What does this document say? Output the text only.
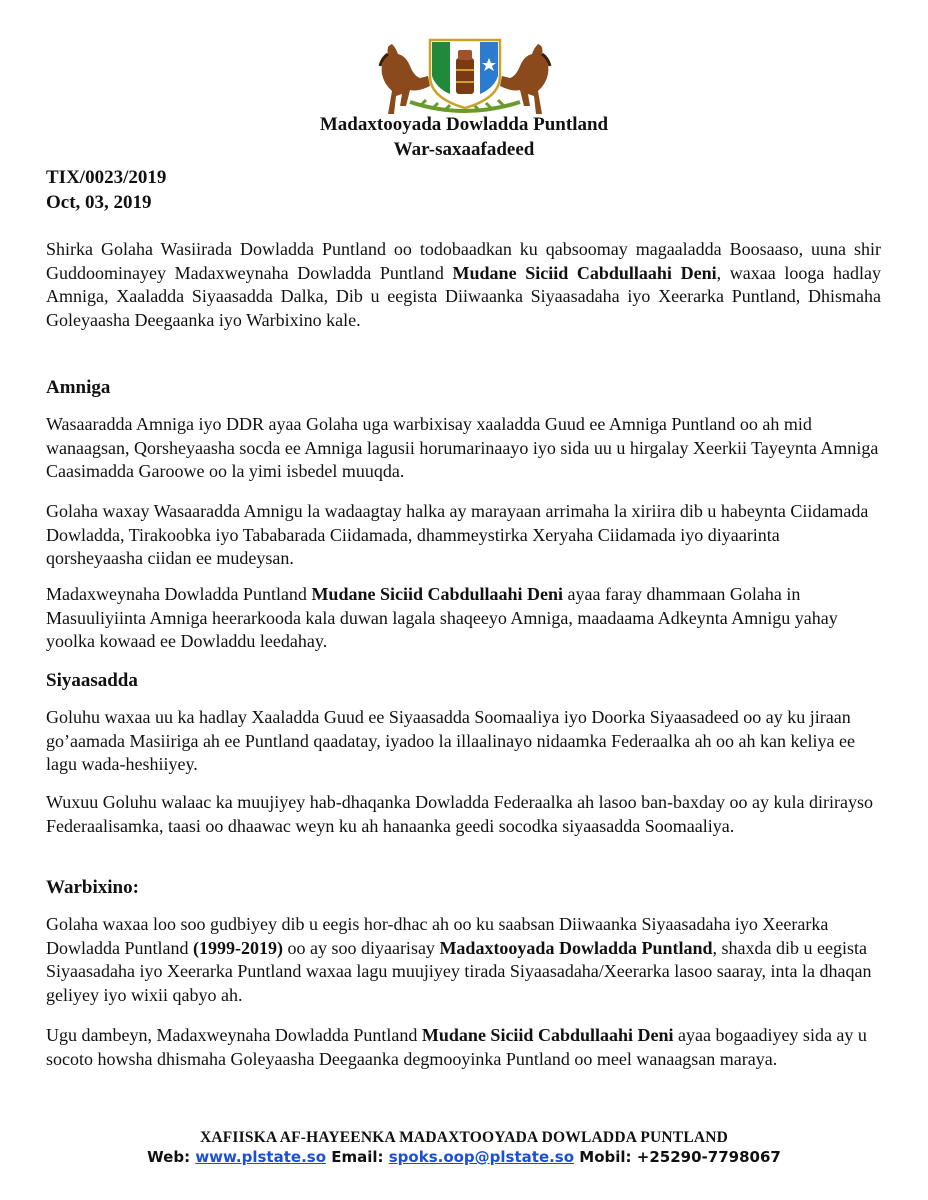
Madaxtooyada Dowladda Puntland
War-saxaafadeed
TIX/0023/2019
Oct, 03, 2019
Shirka Golaha Wasiirada Dowladda Puntland oo todobaadkan ku qabsoomay magaaladda Boosaaso, uuna shir Guddoominayey Madaxweynaha Dowladda Puntland Mudane Siciid Cabdullaahi Deni, waxaa looga hadlay Amniga, Xaaladda Siyaasadda Dalka, Dib u eegista Diiwaanka Siyaasadaha iyo Xeerarka Puntland, Dhismaha Goleyaasha Deegaanka iyo Warbixino kale.
Amniga
Wasaaradda Amniga iyo DDR ayaa Golaha uga warbixisay xaaladda Guud ee Amniga Puntland oo ah mid wanaagsan, Qorsheyaasha socda ee Amniga lagusii horumarinaayo iyo sida uu u hirgalay Xeerkii Tayeynta Amniga Caasimadda Garoowe oo la yimi isbedel muuqda.
Golaha waxay Wasaaradda Amnigu la wadaagtay halka ay marayaan arrimaha la xiriira dib u habeynta Ciidamada Dowladda, Tirakoobka iyo Tababarada Ciidamada, dhammeystirka Xeryaha Ciidamada iyo diyaarinta qorsheyaasha ciidan ee mudeysan.
Madaxweynaha Dowladda Puntland Mudane Siciid Cabdullaahi Deni ayaa faray dhammaan Golaha in Masuuliyiinta Amniga heerarkooda kala duwan lagala shaqeeyo Amniga, maadaama Adkeynta Amnigu yahay yoolka kowaad ee Dowladdu leedahay.
Siyaasadda
Goluhu waxaa uu ka hadlay Xaaladda Guud ee Siyaasadda Soomaaliya iyo Doorka Siyaasadeed oo ay ku jiraan go’aamada Masiiriga ah ee Puntland qaadatay, iyadoo la illaalinayo nidaamka Federaalka ah oo ah kan keliya ee lagu wada-heshiiyey.
Wuxuu Goluhu walaac ka muujiyey hab-dhaqanka Dowladda Federaalka ah lasoo ban-baxday oo ay kula dirirayso Federaalisamka, taasi oo dhaawac weyn ku ah hanaanka geedi socodka siyaasadda Soomaaliya.
Warbixino:
Golaha waxaa loo soo gudbiyey dib u eegis hor-dhac ah oo ku saabsan Diiwaanka Siyaasadaha iyo Xeerarka Dowladda Puntland (1999-2019) oo ay soo diyaarisay Madaxtooyada Dowladda Puntland, shaxda dib u eegista Siyaasadaha iyo Xeerarka Puntland waxaa lagu muujiyey tirada Siyaasadaha/Xeerarka lasoo saaray, inta la dhaqan geliyey iyo wixii qabyo ah.
Ugu dambeyn, Madaxweynaha Dowladda Puntland Mudane Siciid Cabdullaahi Deni ayaa bogaadiyey sida ay u socoto howsha dhismaha Goleyaasha Deegaanka degmooyinka Puntland oo meel wanaagsan maraya.
XAFIISKA AF-HAYEENKA MADAXTOOYADA DOWLADDA PUNTLAND
Web: www.plstate.so Email: spoks.oop@plstate.so Mobil: +25290-7798067
